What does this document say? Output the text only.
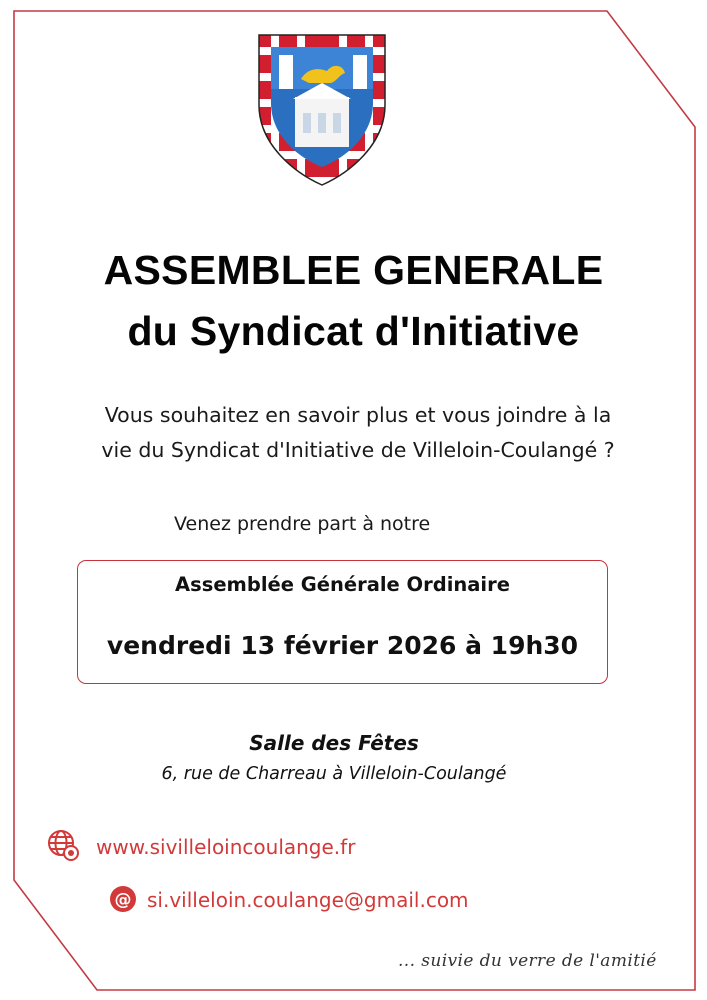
ASSEMBLEE GENERALE
du Syndicat d'Initiative
Vous souhaitez en savoir plus et vous joindre à la
vie du Syndicat d'Initiative de Villeloin-Coulangé ?
Venez prendre part à notre
Assemblée Générale Ordinaire
vendredi 13 février 2026 à 19h30
Salle des Fêtes
6, rue de Charreau à Villeloin-Coulangé
www.sivilleloincoulange.fr
@ si.villeloin.coulange@gmail.com
... suivie du verre de l'amitié
